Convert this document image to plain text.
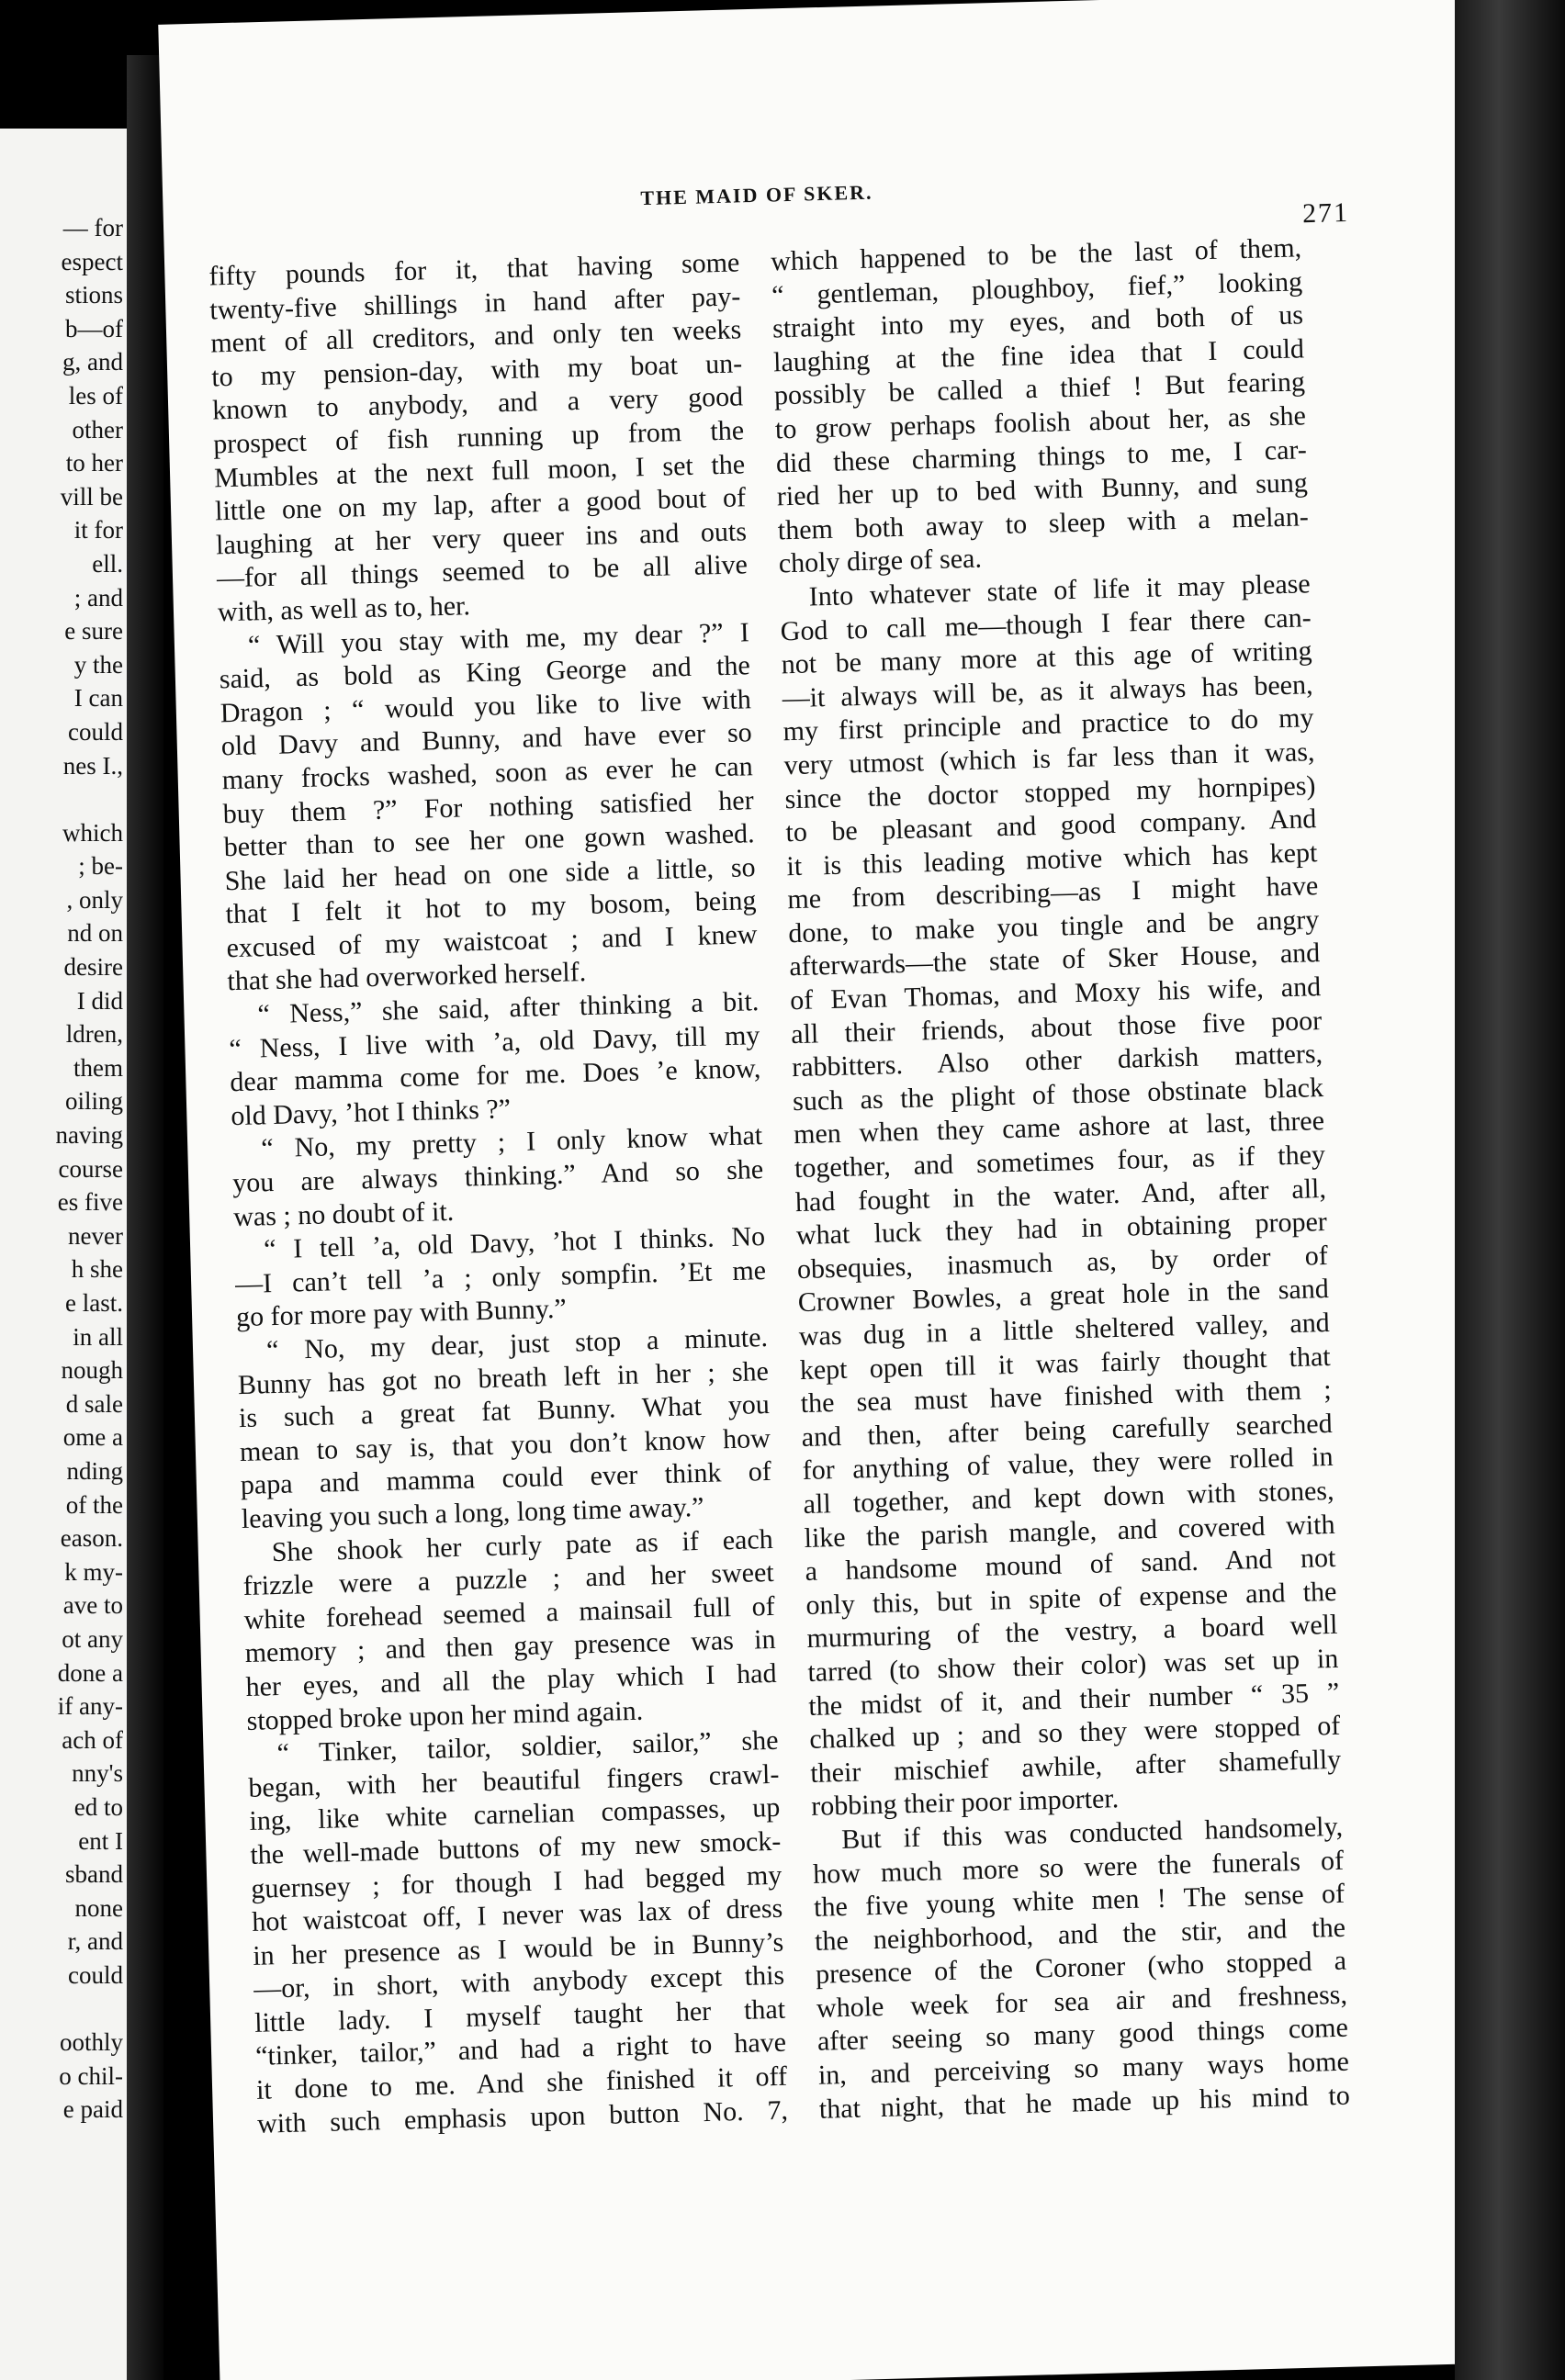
— for
espect
stions
b—of
g, and
les of
other
to her
vill be
it for
ell.
; and
e sure
y the
I can
could
nes I.,
which
; be-
, only
nd on
desire
I did
ldren,
them
oiling
naving
course
es five
never
h she
e last.
in all
nough
d sale
ome a
nding
of the
eason.
k my-
ave to
ot any
done a
if any-
ach of
nny's
ed to
ent I
sband
none
r, and
could
oothly
o chil-
e paid
THE MAID OF SKER.
271
fifty pounds for it, that having some
twenty-five shillings in hand after pay-
ment of all creditors, and only ten weeks
to my pension-day, with my boat un-
known to anybody, and a very good
prospect of fish running up from the
Mumbles at the next full moon, I set the
little one on my lap, after a good bout of
laughing at her very queer ins and outs
—for all things seemed to be all alive
with, as well as to, her.
“ Will you stay with me, my dear ?” I
said, as bold as King George and the
Dragon ; “ would you like to live with
old Davy and Bunny, and have ever so
many frocks washed, soon as ever he can
buy them ?” For nothing satisfied her
better than to see her one gown washed.
She laid her head on one side a little, so
that I felt it hot to my bosom, being
excused of my waistcoat ; and I knew
that she had overworked herself.
“ Ness,” she said, after thinking a bit.
“ Ness, I live with ’a, old Davy, till my
dear mamma come for me. Does ’e know,
old Davy, ’hot I thinks ?”
“ No, my pretty ; I only know what
you are always thinking.” And so she
was ; no doubt of it.
“ I tell ’a, old Davy, ’hot I thinks. No
—I can’t tell ’a ; only sompfin. ’Et me
go for more pay with Bunny.”
“ No, my dear, just stop a minute.
Bunny has got no breath left in her ; she
is such a great fat Bunny. What you
mean to say is, that you don’t know how
papa and mamma could ever think of
leaving you such a long, long time away.”
She shook her curly pate as if each
frizzle were a puzzle ; and her sweet
white forehead seemed a mainsail full of
memory ; and then gay presence was in
her eyes, and all the play which I had
stopped broke upon her mind again.
“ Tinker, tailor, soldier, sailor,” she
began, with her beautiful fingers crawl-
ing, like white carnelian compasses, up
the well-made buttons of my new smock-
guernsey ; for though I had begged my
hot waistcoat off, I never was lax of dress
in her presence as I would be in Bunny’s
—or, in short, with anybody except this
little lady. I myself taught her that
“tinker, tailor,” and had a right to have
it done to me. And she finished it off
with such emphasis upon button No. 7,
which happened to be the last of them,
“ gentleman, ploughboy, fief,” looking
straight into my eyes, and both of us
laughing at the fine idea that I could
possibly be called a thief ! But fearing
to grow perhaps foolish about her, as she
did these charming things to me, I car-
ried her up to bed with Bunny, and sung
them both away to sleep with a melan-
choly dirge of sea.
Into whatever state of life it may please
God to call me—though I fear there can-
not be many more at this age of writing
—it always will be, as it always has been,
my first principle and practice to do my
very utmost (which is far less than it was,
since the doctor stopped my hornpipes)
to be pleasant and good company. And
it is this leading motive which has kept
me from describing—as I might have
done, to make you tingle and be angry
afterwards—the state of Sker House, and
of Evan Thomas, and Moxy his wife, and
all their friends, about those five poor
rabbitters. Also other darkish matters,
such as the plight of those obstinate black
men when they came ashore at last, three
together, and sometimes four, as if they
had fought in the water. And, after all,
what luck they had in obtaining proper
obsequies, inasmuch as, by order of
Crowner Bowles, a great hole in the sand
was dug in a little sheltered valley, and
kept open till it was fairly thought that
the sea must have finished with them ;
and then, after being carefully searched
for anything of value, they were rolled in
all together, and kept down with stones,
like the parish mangle, and covered with
a handsome mound of sand. And not
only this, but in spite of expense and the
murmuring of the vestry, a board well
tarred (to show their color) was set up in
the midst of it, and their number “ 35 ”
chalked up ; and so they were stopped of
their mischief awhile, after shamefully
robbing their poor importer.
But if this was conducted handsomely,
how much more so were the funerals of
the five young white men ! The sense of
the neighborhood, and the stir, and the
presence of the Coroner (who stopped a
whole week for sea air and freshness,
after seeing so many good things come
in, and perceiving so many ways home
that night, that he made up his mind to
